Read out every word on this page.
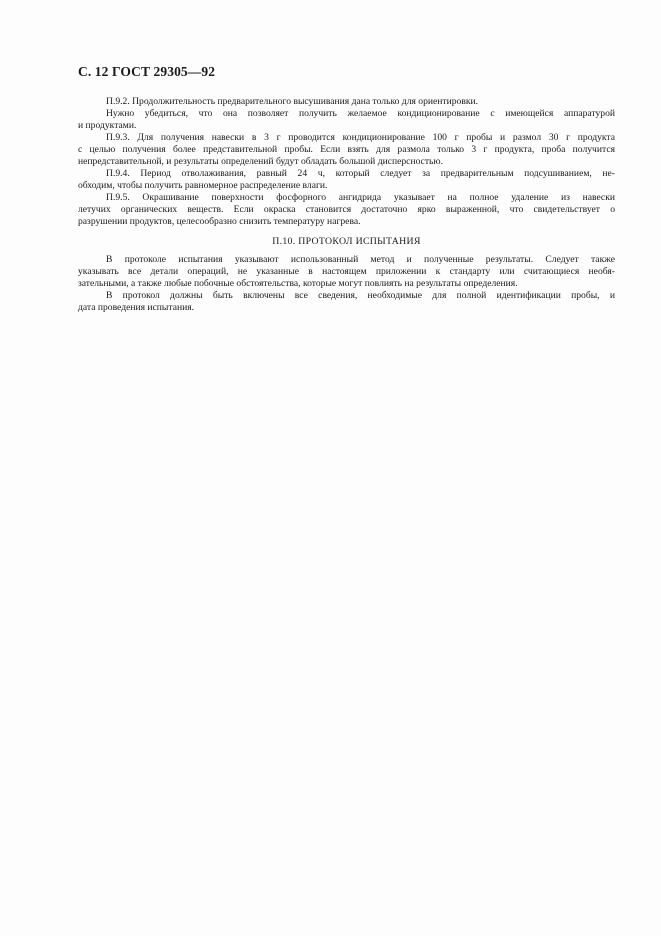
С. 12 ГОСТ 29305—92
П.9.2. Продолжительность предварительного высушивания дана только для ориентировки.
Нужно убедиться, что она позволяет получить желаемое кондиционирование с имеющейся аппаратурой
и продуктами.
П.9.3. Для получения навески в 3 г проводится кондиционирование 100 г пробы и размол 30 г продукта
с целью получения более представительной пробы. Если взять для размола только 3 г продукта, проба получится
непредставительной, и результаты определений будут обладать большой дисперсностью.
П.9.4. Период отволаживания, равный 24 ч, который следует за предварительным подсушиванием, не-
обходим, чтобы получить равномерное распределение влаги.
П.9.5. Окрашивание поверхности фосфорного ангидрида указывает на полное удаление из навески
летучих органических веществ. Если окраска становится достаточно ярко выраженной, что свидетельствует о
разрушении продуктов, целесообразно снизить температуру нагрева.
П.10. ПРОТОКОЛ ИСПЫТАНИЯ
В протоколе испытания указывают использованный метод и полученные результаты. Следует также
указывать все детали операций, не указанные в настоящем приложении к стандарту или считающиеся необя-
зательными, а также любые побочные обстоятельства, которые могут повлиять на результаты определения.
В протокол должны быть включены все сведения, необходимые для полной идентификации пробы, и
дата проведения испытания.
